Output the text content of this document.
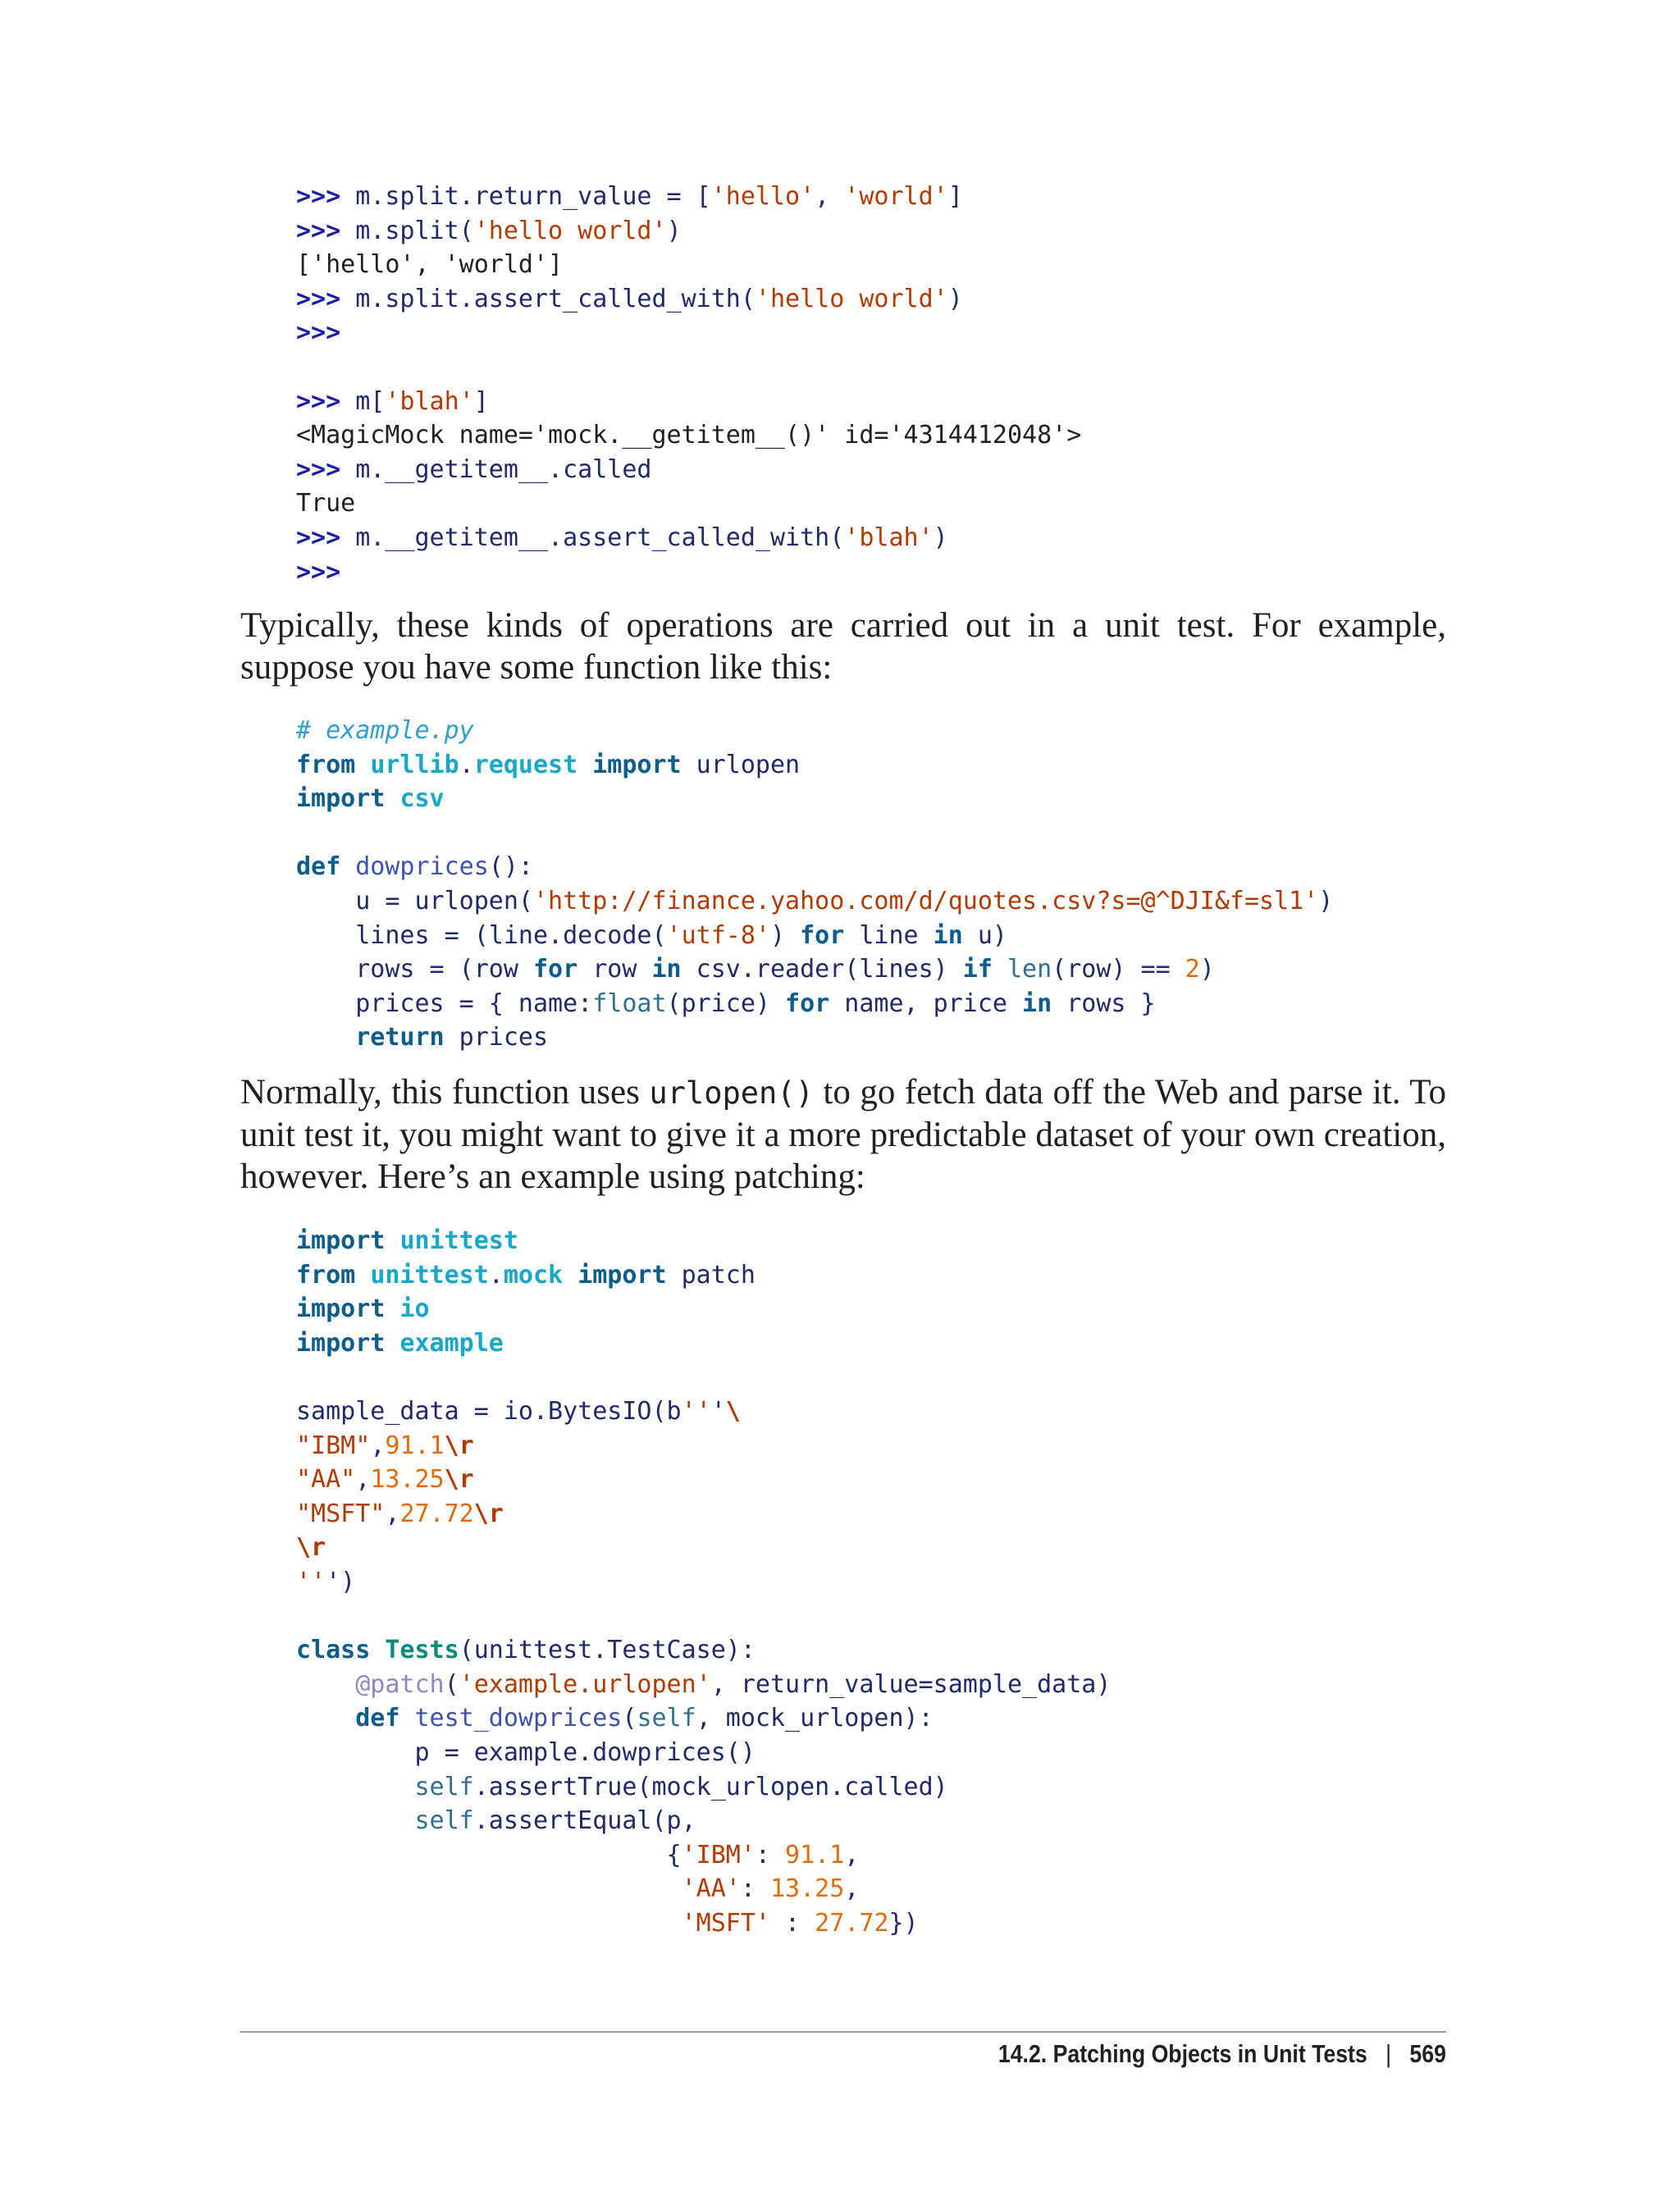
>>> m.split.return_value = ['hello', 'world']
>>> m.split('hello world')
['hello', 'world']
>>> m.split.assert_called_with('hello world')
>>>

>>> m['blah']
<MagicMock name='mock.__getitem__()' id='4314412048'>
>>> m.__getitem__.called
True
>>> m.__getitem__.assert_called_with('blah')
>>>

Typically, these kinds of operations are carried out in a unit test. For example, suppose you have some function like this:

# example.py
from urllib.request import urlopen
import csv

def dowprices():
u = urlopen('http://finance.yahoo.com/d/quotes.csv?s=@^DJI&f=sl1')
lines = (line.decode('utf-8') for line in u)
rows = (row for row in csv.reader(lines) if len(row) == 2)
prices = { name:float(price) for name, price in rows }
return prices

Normally, this function uses urlopen() to go fetch data off the Web and parse it. To unit test it, you might want to give it a more predictable dataset of your own creation, however. Here’s an example using patching:

import unittest
from unittest.mock import patch
import io
import example

sample_data = io.BytesIO(b'''\
"IBM",91.1\r
"AA",13.25\r
"MSFT",27.72\r
\r
''')

class Tests(unittest.TestCase):
@patch('example.urlopen', return_value=sample_data)
def test_dowprices(self, mock_urlopen):
p = example.dowprices()
self.assertTrue(mock_urlopen.called)
self.assertEqual(p,
{'IBM': 91.1,
'AA': 13.25,
'MSFT' : 27.72})
14.2. Patching Objects in Unit Tests | 569
